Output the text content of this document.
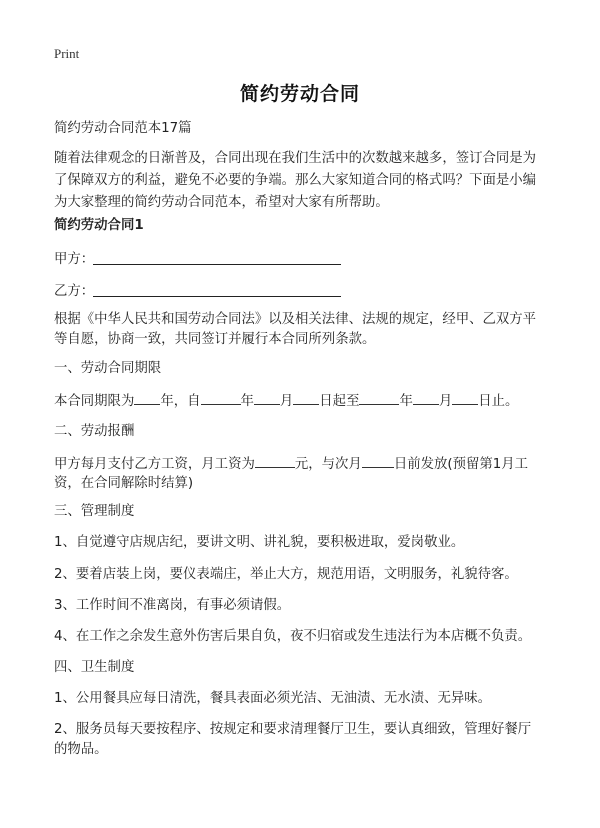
Print
简约劳动合同
简约劳动合同范本17篇
随着法律观念的日渐普及，合同出现在我们生活中的次数越来越多，签订合同是为
了保障双方的利益，避免不必要的争端。那么大家知道合同的格式吗？下面是小编
为大家整理的简约劳动合同范本，希望对大家有所帮助。
简约劳动合同1
甲方：
乙方：
根据《中华人民共和国劳动合同法》以及相关法律、法规的规定，经甲、乙双方平
等自愿，协商一致，共同签订并履行本合同所列条款。
一、劳动合同期限
本合同期限为 年，自	年 月 日起至	年 月 日止。
二、劳动报酬
甲方每月支付乙方工资，月工资为	元，与次月 日前发放(预留第1月工
资，在合同解除时结算)
三、管理制度
1、自觉遵守店规店纪，要讲文明、讲礼貌，要积极进取，爱岗敬业。
2、要着店装上岗，要仪表端庄，举止大方，规范用语，文明服务，礼貌待客。
3、工作时间不准离岗，有事必须请假。
4、在工作之余发生意外伤害后果自负，夜不归宿或发生违法行为本店概不负责。
四、卫生制度
1、公用餐具应每日清洗，餐具表面必须光洁、无油渍、无水渍、无异味。
2、服务员每天要按程序、按规定和要求清理餐厅卫生，要认真细致，管理好餐厅
的物品。
